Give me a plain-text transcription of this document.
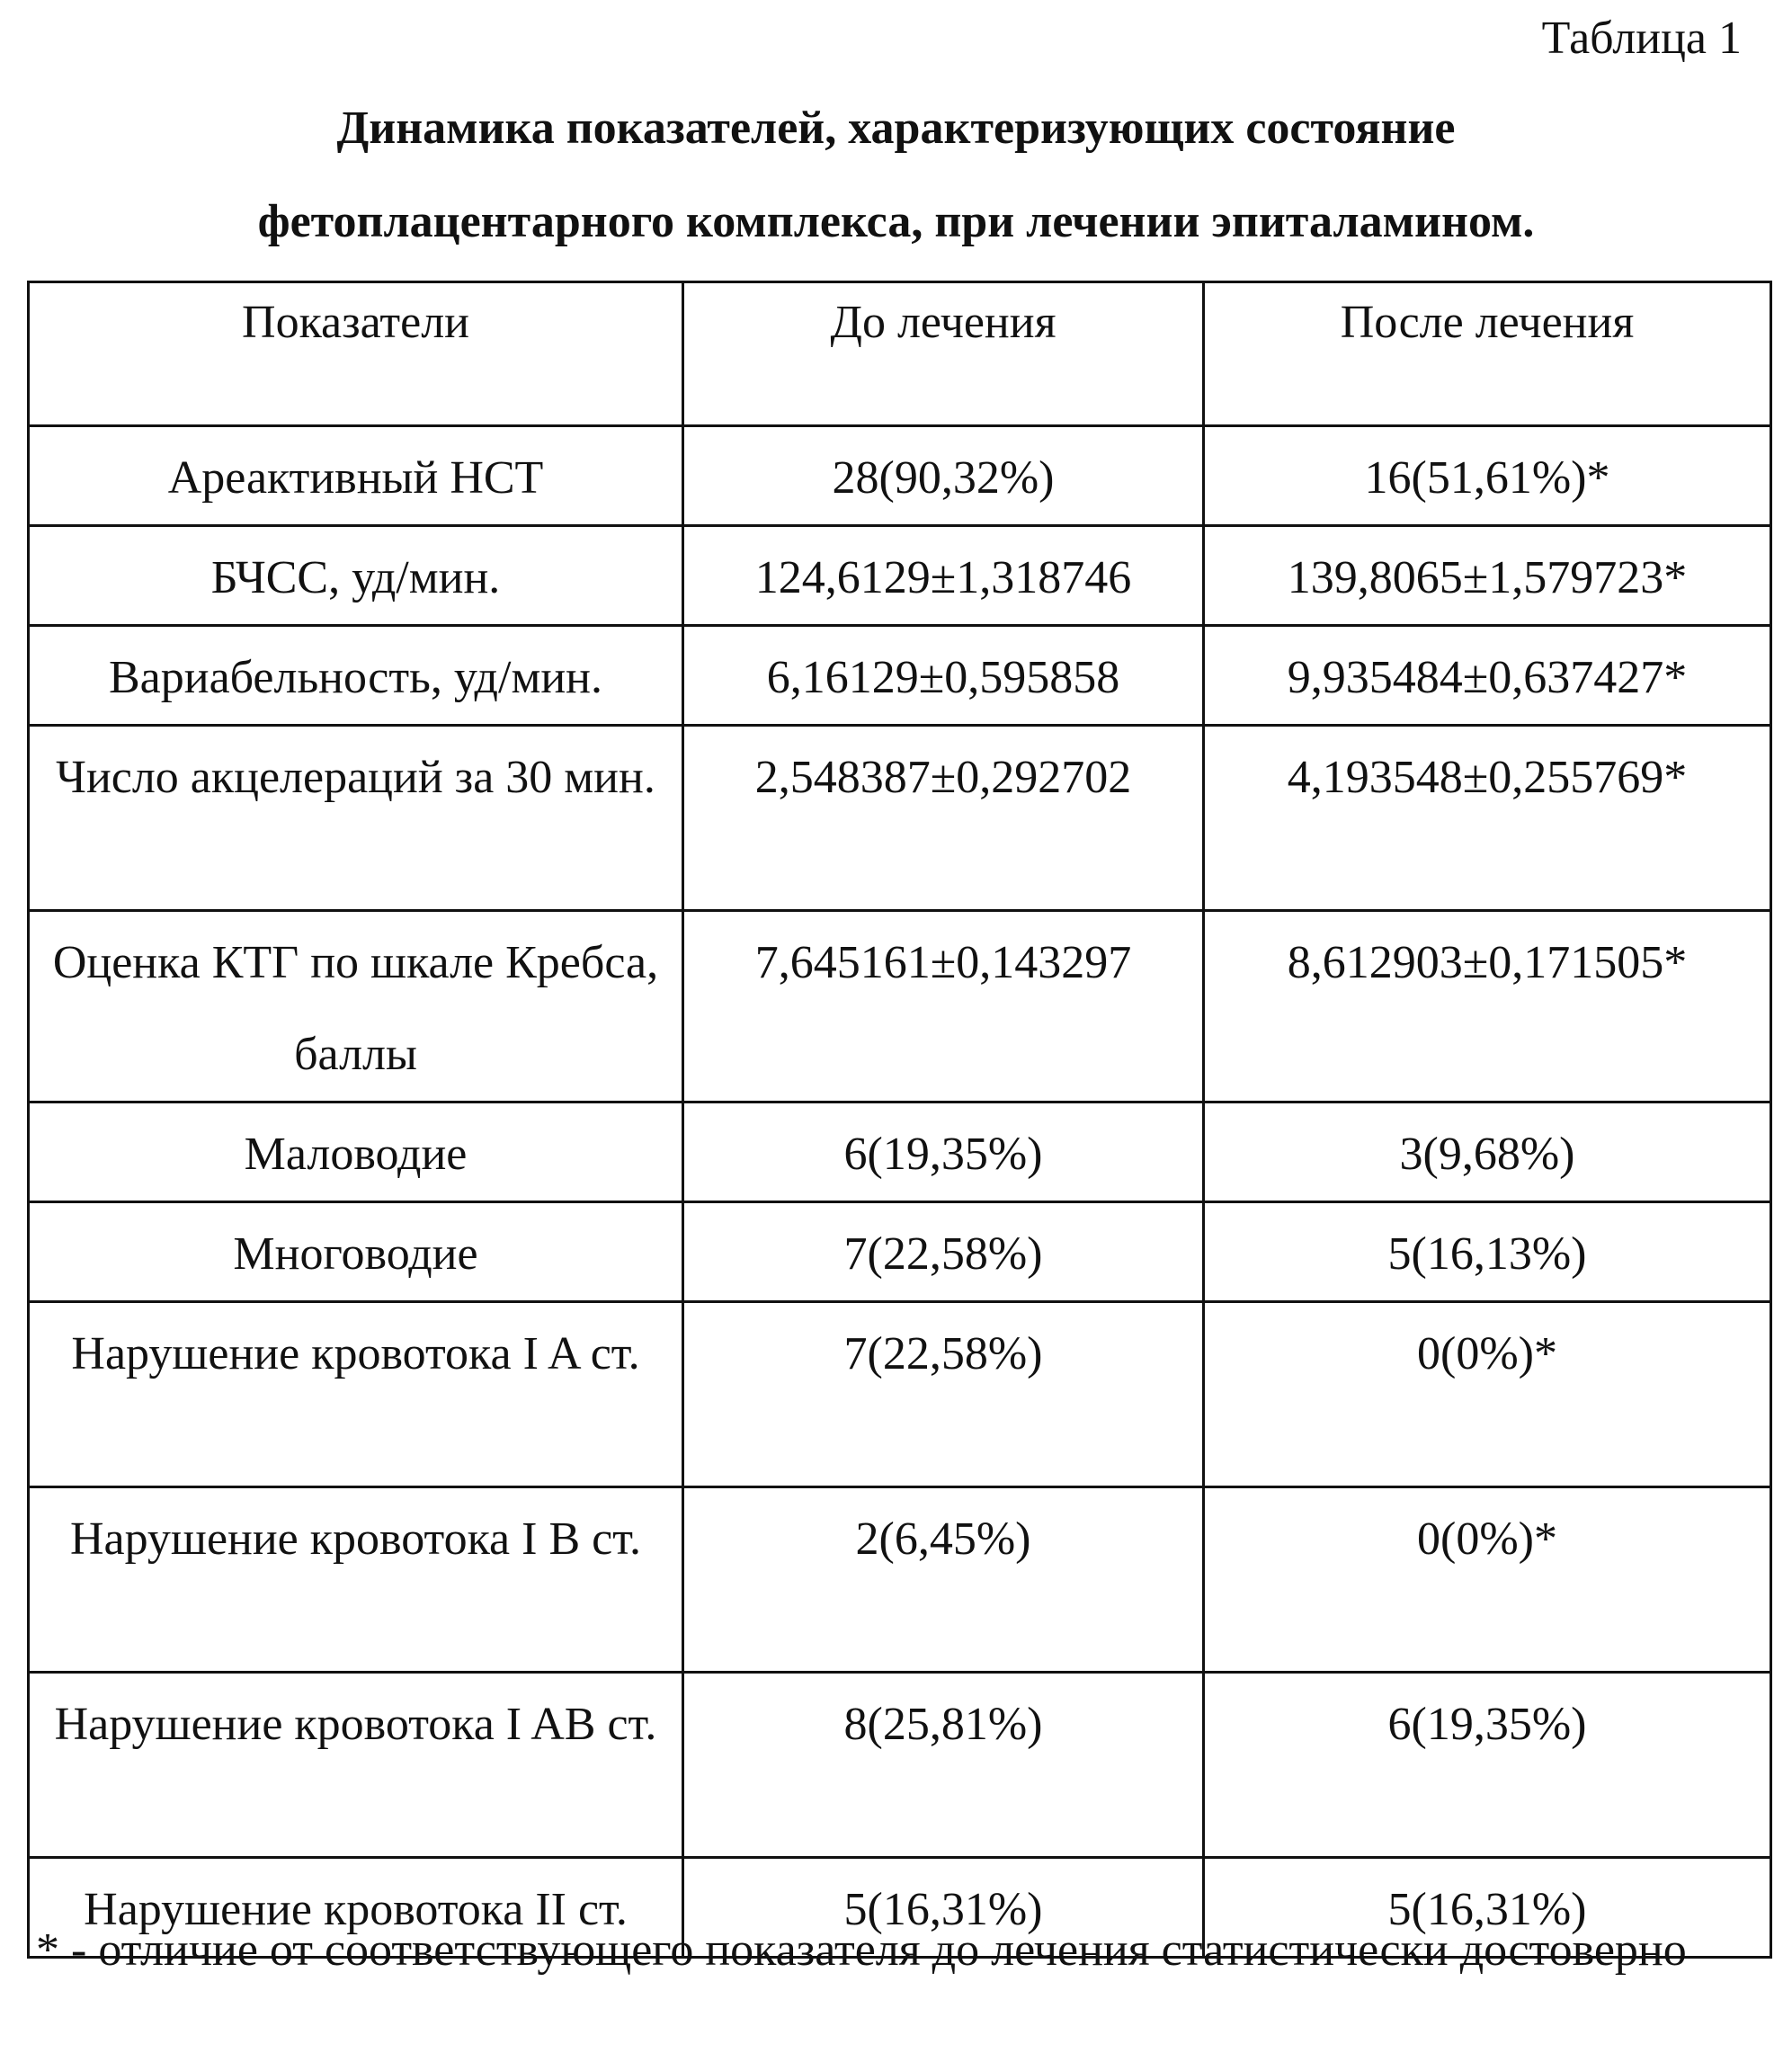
Таблица 1
Динамика показателей, характеризующих состояние
фетоплацентарного комплекса, при лечении эпиталамином.
Показатели	До лечения	После лечения
Ареактивный НСТ	28(90,32%)	16(51,61%)*
БЧСС, уд/мин.	124,6129±1,318746	139,8065±1,579723*
Вариабельность, уд/мин.	6,16129±0,595858	9,935484±0,637427*
Число акцелераций за 30 мин.	2,548387±0,292702	4,193548±0,255769*
Оценка КТГ по шкале Кребса, баллы	7,645161±0,143297	8,612903±0,171505*
Маловодие	6(19,35%)	3(9,68%)
Многоводие	7(22,58%)	5(16,13%)
Нарушение кровотока I A ст.	7(22,58%)	0(0%)*
Нарушение кровотока I B ст.	2(6,45%)	0(0%)*
Нарушение кровотока I AB ст.	8(25,81%)	6(19,35%)
Нарушение кровотока II ст.	5(16,31%)	5(16,31%)
* - отличие от соответствующего показателя до лечения статистически достоверно
